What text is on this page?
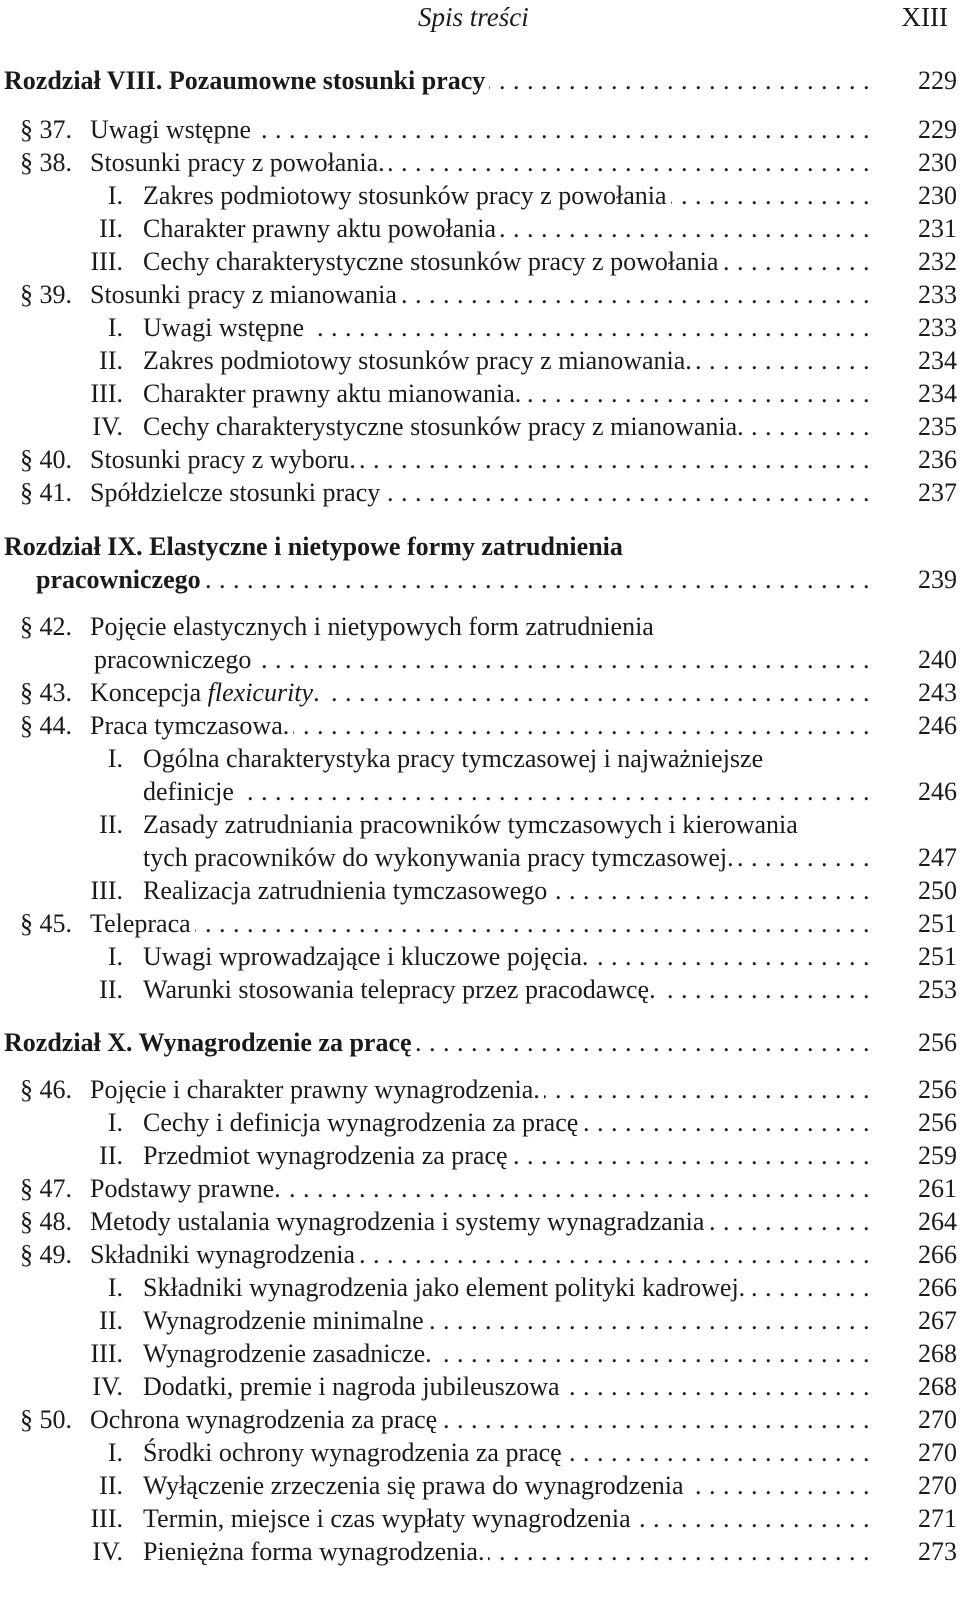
Spis treści	XIII
Rozdział VIII. Pozaumowne stosunki pracy . . .	229
§ 37. Uwagi wstępne . . .	229
§ 38. Stosunki pracy z powołania. . . .	230
I. Zakres podmiotowy stosunków pracy z powołania . . .	230
II. Charakter prawny aktu powołania . . .	231
III. Cechy charakterystyczne stosunków pracy z powołania . . .	232
§ 39. Stosunki pracy z mianowania . . .	233
I. Uwagi wstępne . . .	233
II. Zakres podmiotowy stosunków pracy z mianowania. . . .	234
III. Charakter prawny aktu mianowania. . . .	234
IV. Cechy charakterystyczne stosunków pracy z mianowania. . . .	235
§ 40. Stosunki pracy z wyboru. . . .	236
§ 41. Spółdzielcze stosunki pracy . . .	237
Rozdział IX. Elastyczne i nietypowe formy zatrudnienia
pracowniczego . . .	239
§ 42. Pojęcie elastycznych i nietypowych form zatrudnienia
pracowniczego . . .	240
§ 43. Koncepcja flexicurity. . . .	243
§ 44. Praca tymczasowa. . . .	246
I. Ogólna charakterystyka pracy tymczasowej i najważniejsze
definicje . . .	246
II. Zasady zatrudniania pracowników tymczasowych i kierowania
tych pracowników do wykonywania pracy tymczasowej. . . .	247
III. Realizacja zatrudnienia tymczasowego . . .	250
§ 45. Telepraca . . .	251
I. Uwagi wprowadzające i kluczowe pojęcia. . . .	251
II. Warunki stosowania telepracy przez pracodawcę. . . .	253
Rozdział X. Wynagrodzenie za pracę . . .	256
§ 46. Pojęcie i charakter prawny wynagrodzenia. . . .	256
I. Cechy i definicja wynagrodzenia za pracę . . .	256
II. Przedmiot wynagrodzenia za pracę . . .	259
§ 47. Podstawy prawne. . . .	261
§ 48. Metody ustalania wynagrodzenia i systemy wynagradzania . . .	264
§ 49. Składniki wynagrodzenia . . .	266
I. Składniki wynagrodzenia jako element polityki kadrowej. . . .	266
II. Wynagrodzenie minimalne . . .	267
III. Wynagrodzenie zasadnicze. . . .	268
IV. Dodatki, premie i nagroda jubileuszowa . . .	268
§ 50. Ochrona wynagrodzenia za pracę . . .	270
I. Środki ochrony wynagrodzenia za pracę . . .	270
II. Wyłączenie zrzeczenia się prawa do wynagrodzenia . . .	270
III. Termin, miejsce i czas wypłaty wynagrodzenia . . .	271
IV. Pieniężna forma wynagrodzenia. . . .	273
